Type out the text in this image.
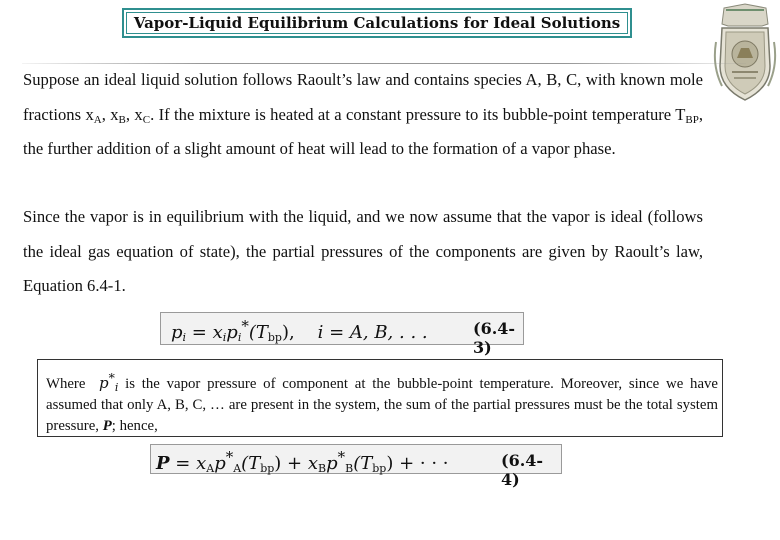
Vapor-Liquid Equilibrium Calculations for Ideal Solutions

Suppose an ideal liquid solution follows Raoult’s law and contains species A, B, C, with known mole fractions $x_A$, $x_B$, $x_C$. If the mixture is heated at a constant pressure to its bubble-point temperature $T_{BP}$, the further addition of a slight amount of heat will lead to the formation of a vapor phase.

Since the vapor is in equilibrium with the liquid, and we now assume that the vapor is ideal (follows the ideal gas equation of state), the partial pressures of the components are given by Raoult’s law, Equation 6.4-1.

$p_i = x_ip_i^*(T_{bp})$, i = A, B, . . .	(6.4-3)

Where $p^*_i$ is the vapor pressure of component at the bubble-point temperature. Moreover, since we have assumed that only A, B, C, … are present in the system, the sum of the partial pressures must be the total system pressure, P; hence,

$P = x_Ap^*_A(T_{bp}) + x_Bp^*_B(T_{bp})$ + · · ·	(6.4-4)
